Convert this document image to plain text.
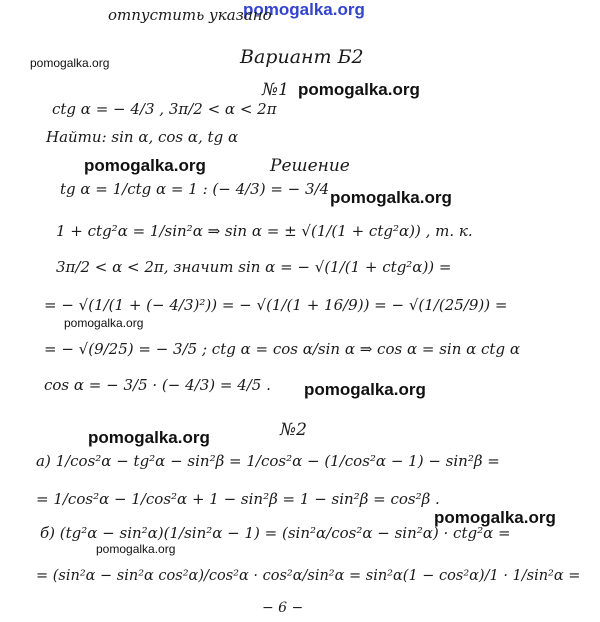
pomogalka.org
pomogalka.org
pomogalka.org
pomogalka.org
pomogalka.org
pomogalka.org
pomogalka.org
pomogalka.org
pomogalka.org
pomogalka.org
отпустить указано
Вариант Б2
№1
ctg α = − 4/3 , 3π/2 < α < 2π
Найти: sin α, cos α, tg α
Решение
tg α = 1/ctg α = 1 : (− 4/3) = − 3/4
1 + ctg²α = 1/sin²α ⇒ sin α = ± √(1/(1 + ctg²α)) , т. к.
3π/2 < α < 2π, значит sin α = − √(1/(1 + ctg²α)) =
= − √(1/(1 + (− 4/3)²)) = − √(1/(1 + 16/9)) = − √(1/(25/9)) =
= − √(9/25) = − 3/5 ; ctg α = cos α/sin α ⇒ cos α = sin α ctg α
cos α = − 3/5 · (− 4/3) = 4/5 .
№2
а) 1/cos²α − tg²α − sin²β = 1/cos²α − (1/cos²α − 1) − sin²β =
= 1/cos²α − 1/cos²α + 1 − sin²β = 1 − sin²β = cos²β .
б) (tg²α − sin²α)(1/sin²α − 1) = (sin²α/cos²α − sin²α) · ctg²α =
= (sin²α − sin²α cos²α)/cos²α · cos²α/sin²α = sin²α(1 − cos²α)/1 · 1/sin²α =
− 6 −
